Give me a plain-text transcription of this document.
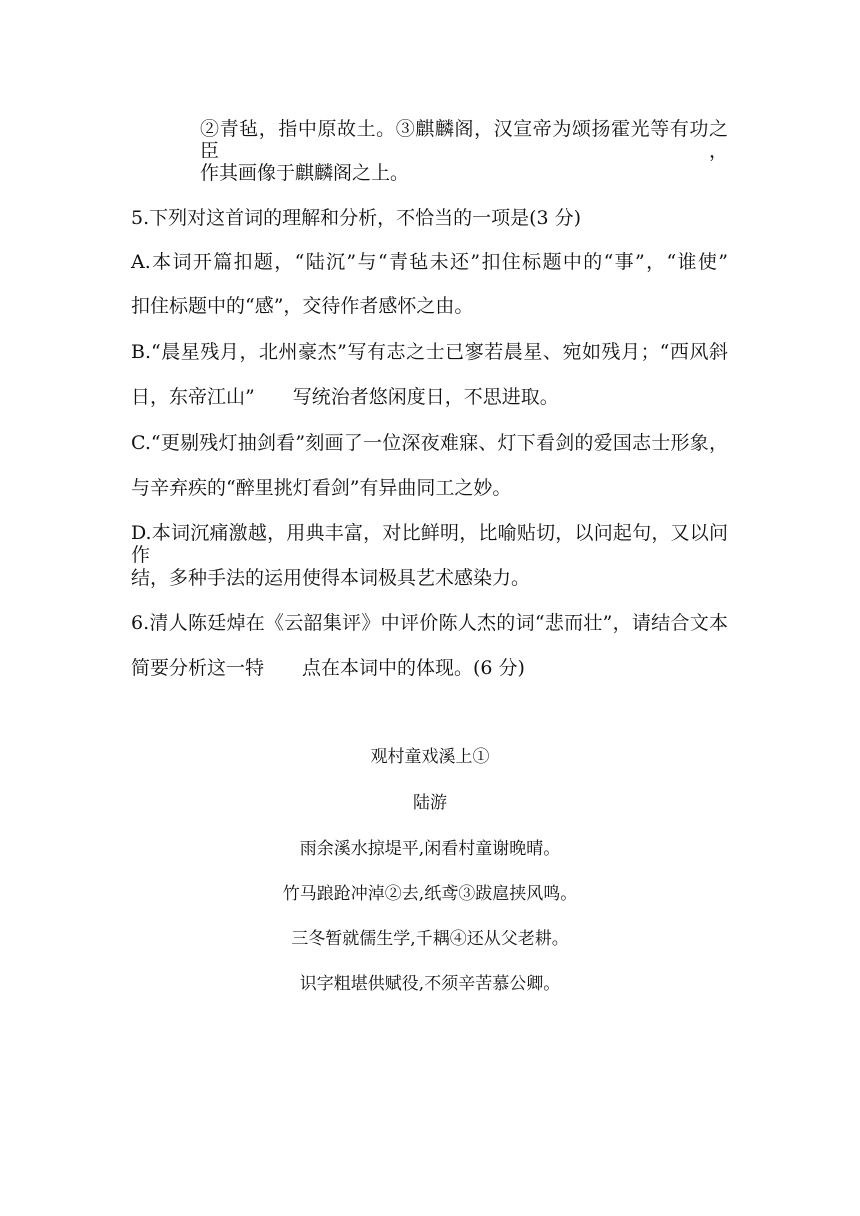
②青毡，指中原故土。③麒麟阁，汉宣帝为颂扬霍光等有功之臣，
作其画像于麒麟阁之上。
5.下列对这首词的理解和分析，不恰当的一项是(3 分)
A.本词开篇扣题，“陆沉”与“青毡未还”扣住标题中的“事”，“谁使”
扣住标题中的“感”，交待作者感怀之由。
B.“晨星残月，北州豪杰”写有志之士已寥若晨星、宛如残月；“西风斜
日，东帝江山”　　写统治者悠闲度日，不思进取。
C.“更剔残灯抽剑看”刻画了一位深夜难寐、灯下看剑的爱国志士形象，
与辛弃疾的“醉里挑灯看剑”有异曲同工之妙。
D.本词沉痛激越，用典丰富，对比鲜明，比喻贴切，以问起句，又以问作
结，多种手法的运用使得本词极具艺术感染力。
6.清人陈廷焯在《云韶集评》中评价陈人杰的词“悲而壮”，请结合文本
简要分析这一特　　点在本词中的体现。(6 分)
观村童戏溪上①
陆游
雨余溪水掠堤平,闲看村童谢晚晴。
竹马踉跄冲淖②去,纸鸢③跋扈挟风鸣。
三冬暂就儒生学,千耦④还从父老耕。
识字粗堪供赋役,不须辛苦慕公卿。
